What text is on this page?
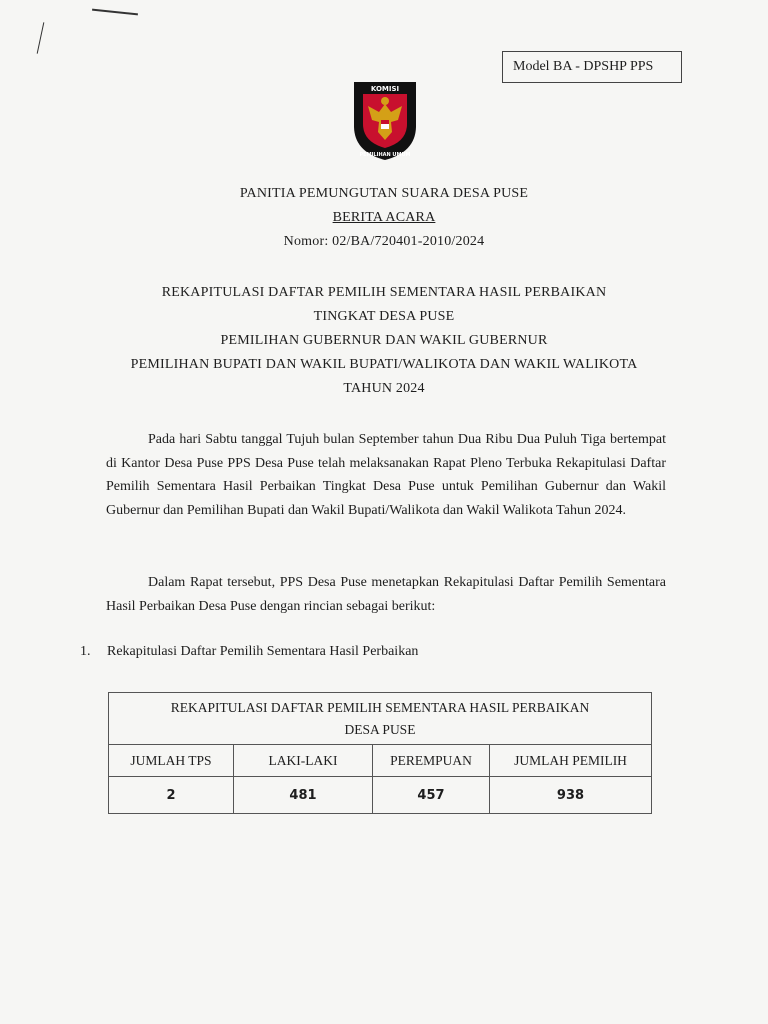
Model BA - DPSHP PPS
KOMISI
PEMILIHAN UMUM
PANITIA PEMUNGUTAN SUARA DESA PUSE
BERITA ACARA
Nomor: 02/BA/720401-2010/2024
REKAPITULASI DAFTAR PEMILIH SEMENTARA HASIL PERBAIKAN
TINGKAT DESA PUSE
PEMILIHAN GUBERNUR DAN WAKIL GUBERNUR
PEMILIHAN BUPATI DAN WAKIL BUPATI/WALIKOTA DAN WAKIL WALIKOTA
TAHUN 2024
Pada hari Sabtu tanggal Tujuh bulan September tahun Dua Ribu Dua Puluh Tiga bertempat di Kantor Desa Puse PPS Desa Puse telah melaksanakan Rapat Pleno Terbuka Rekapitulasi Daftar Pemilih Sementara Hasil Perbaikan Tingkat Desa Puse untuk Pemilihan Gubernur dan Wakil Gubernur dan Pemilihan Bupati dan Wakil Bupati/Walikota dan Wakil Walikota Tahun 2024.
Dalam Rapat tersebut, PPS Desa Puse menetapkan Rekapitulasi Daftar Pemilih Sementara Hasil Perbaikan Desa Puse dengan rincian sebagai berikut:
1. Rekapitulasi Daftar Pemilih Sementara Hasil Perbaikan
REKAPITULASI DAFTAR PEMILIH SEMENTARA HASIL PERBAIKAN
DESA PUSE			

JUMLAH TPS	LAKI-LAKI	PEREMPUAN	JUMLAH PEMILIH
2	481	457	938
